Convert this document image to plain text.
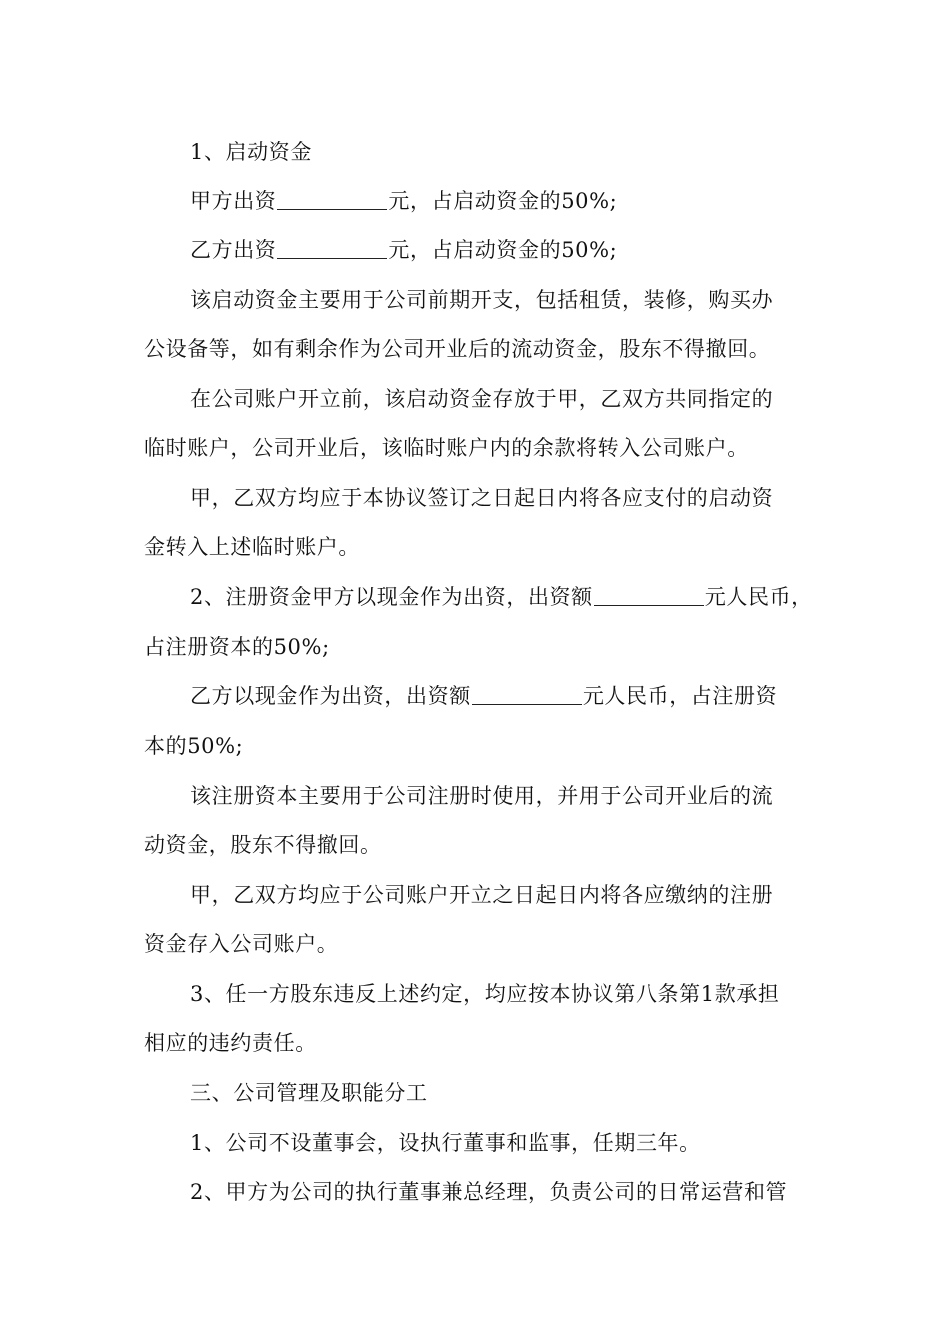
1、启动资金
甲方出资	元，占启动资金的50%;
乙方出资	元，占启动资金的50%;
该启动资金主要用于公司前期开支，包括租赁，装修，购买办
公设备等，如有剩余作为公司开业后的流动资金，股东不得撤回。
在公司账户开立前，该启动资金存放于甲，乙双方共同指定的
临时账户，公司开业后，该临时账户内的余款将转入公司账户。
甲，乙双方均应于本协议签订之日起日内将各应支付的启动资
金转入上述临时账户。
2、注册资金甲方以现金作为出资，出资额	元人民币，
占注册资本的50%;
乙方以现金作为出资，出资额	元人民币，占注册资
本的50%;
该注册资本主要用于公司注册时使用，并用于公司开业后的流
动资金，股东不得撤回。
甲，乙双方均应于公司账户开立之日起日内将各应缴纳的注册
资金存入公司账户。
3、任一方股东违反上述约定，均应按本协议第八条第1款承担
相应的违约责任。
三、公司管理及职能分工
1、公司不设董事会，设执行董事和监事，任期三年。
2、甲方为公司的执行董事兼总经理，负责公司的日常运营和管
